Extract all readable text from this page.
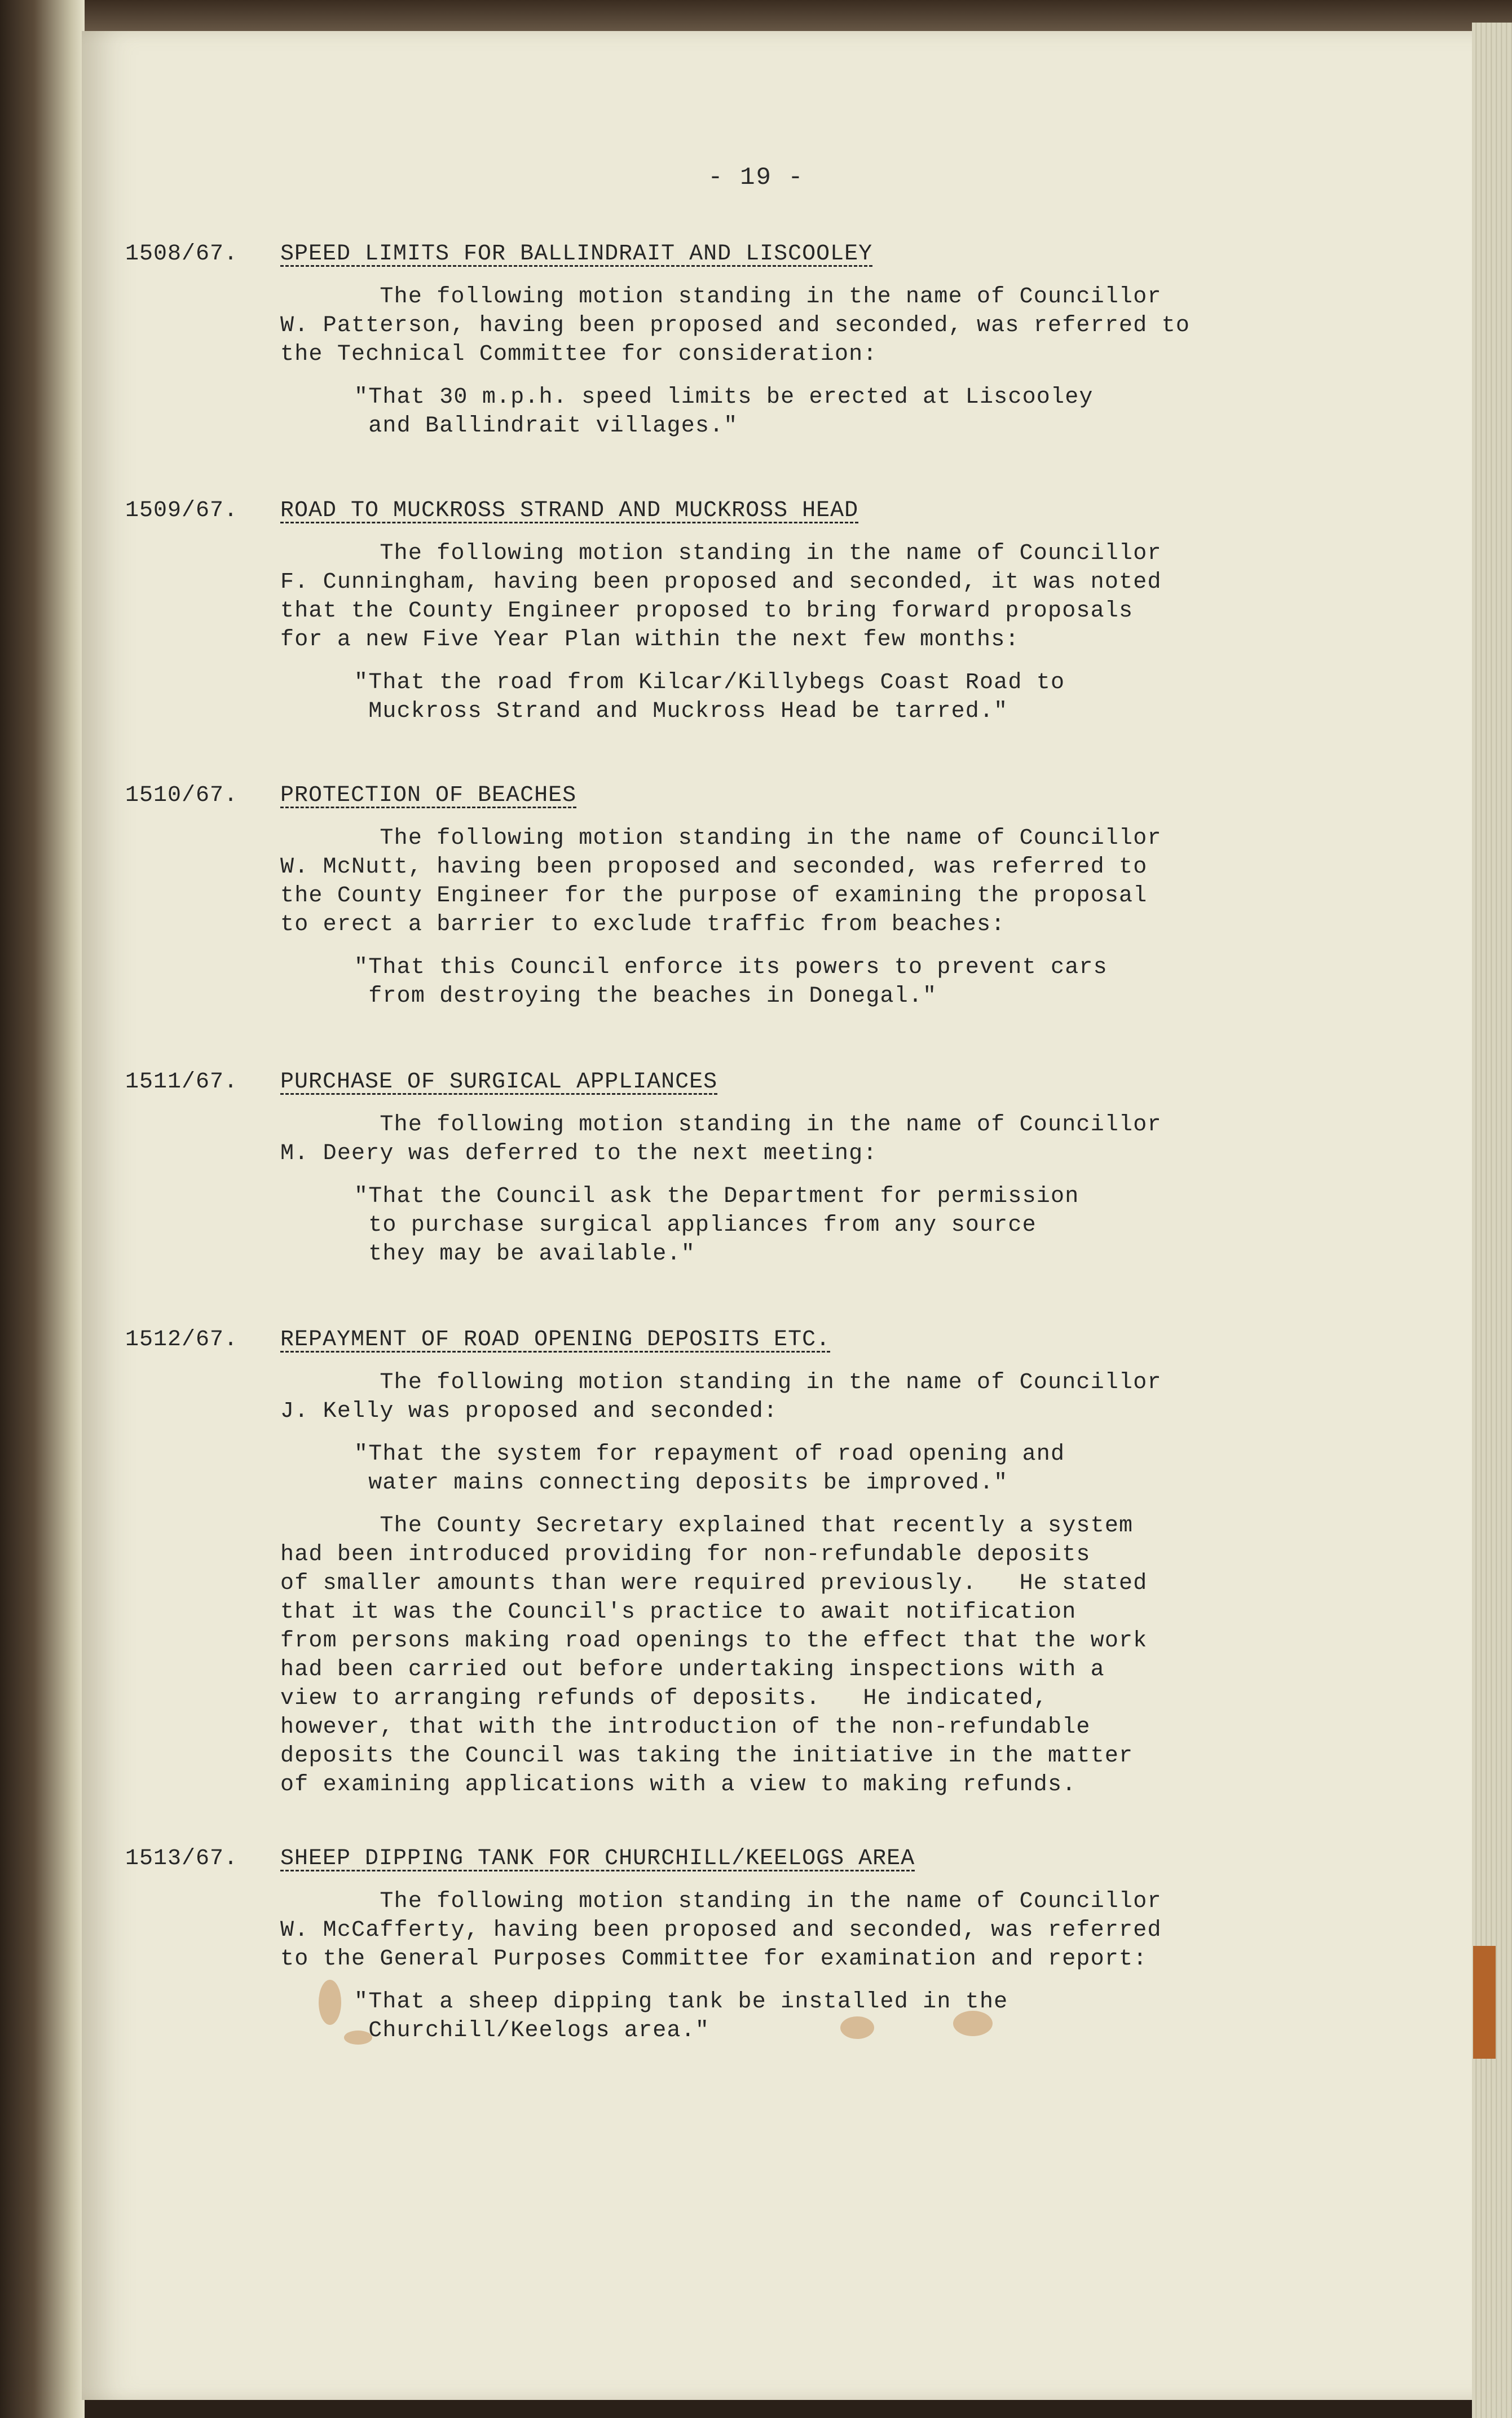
- 19 -
1508/67. SPEED LIMITS FOR BALLINDRAIT AND LISCOOLEY

The following motion standing in the name of Councillor
W. Patterson, having been proposed and seconded, was referred to
the Technical Committee for consideration:

"That 30 m.p.h. speed limits be erected at Liscooley
and Ballindrait villages."

1509/67. ROAD TO MUCKROSS STRAND AND MUCKROSS HEAD

The following motion standing in the name of Councillor
F. Cunningham, having been proposed and seconded, it was noted
that the County Engineer proposed to bring forward proposals
for a new Five Year Plan within the next few months:

"That the road from Kilcar/Killybegs Coast Road to
Muckross Strand and Muckross Head be tarred."

1510/67. PROTECTION OF BEACHES

The following motion standing in the name of Councillor
W. McNutt, having been proposed and seconded, was referred to
the County Engineer for the purpose of examining the proposal
to erect a barrier to exclude traffic from beaches:

"That this Council enforce its powers to prevent cars
from destroying the beaches in Donegal."

1511/67. PURCHASE OF SURGICAL APPLIANCES

The following motion standing in the name of Councillor
M. Deery was deferred to the next meeting:

"That the Council ask the Department for permission
to purchase surgical appliances from any source
they may be available."

1512/67. REPAYMENT OF ROAD OPENING DEPOSITS ETC.

The following motion standing in the name of Councillor
J. Kelly was proposed and seconded:

"That the system for repayment of road opening and
water mains connecting deposits be improved."

The County Secretary explained that recently a system
had been introduced providing for non-refundable deposits
of smaller amounts than were required previously.   He stated
that it was the Council's practice to await notification
from persons making road openings to the effect that the work
had been carried out before undertaking inspections with a
view to arranging refunds of deposits.   He indicated,
however, that with the introduction of the non-refundable
deposits the Council was taking the initiative in the matter
of examining applications with a view to making refunds.

1513/67. SHEEP DIPPING TANK FOR CHURCHILL/KEELOGS AREA

The following motion standing in the name of Councillor
W. McCafferty, having been proposed and seconded, was referred
to the General Purposes Committee for examination and report:

"That a sheep dipping tank be installed in the
Churchill/Keelogs area."
